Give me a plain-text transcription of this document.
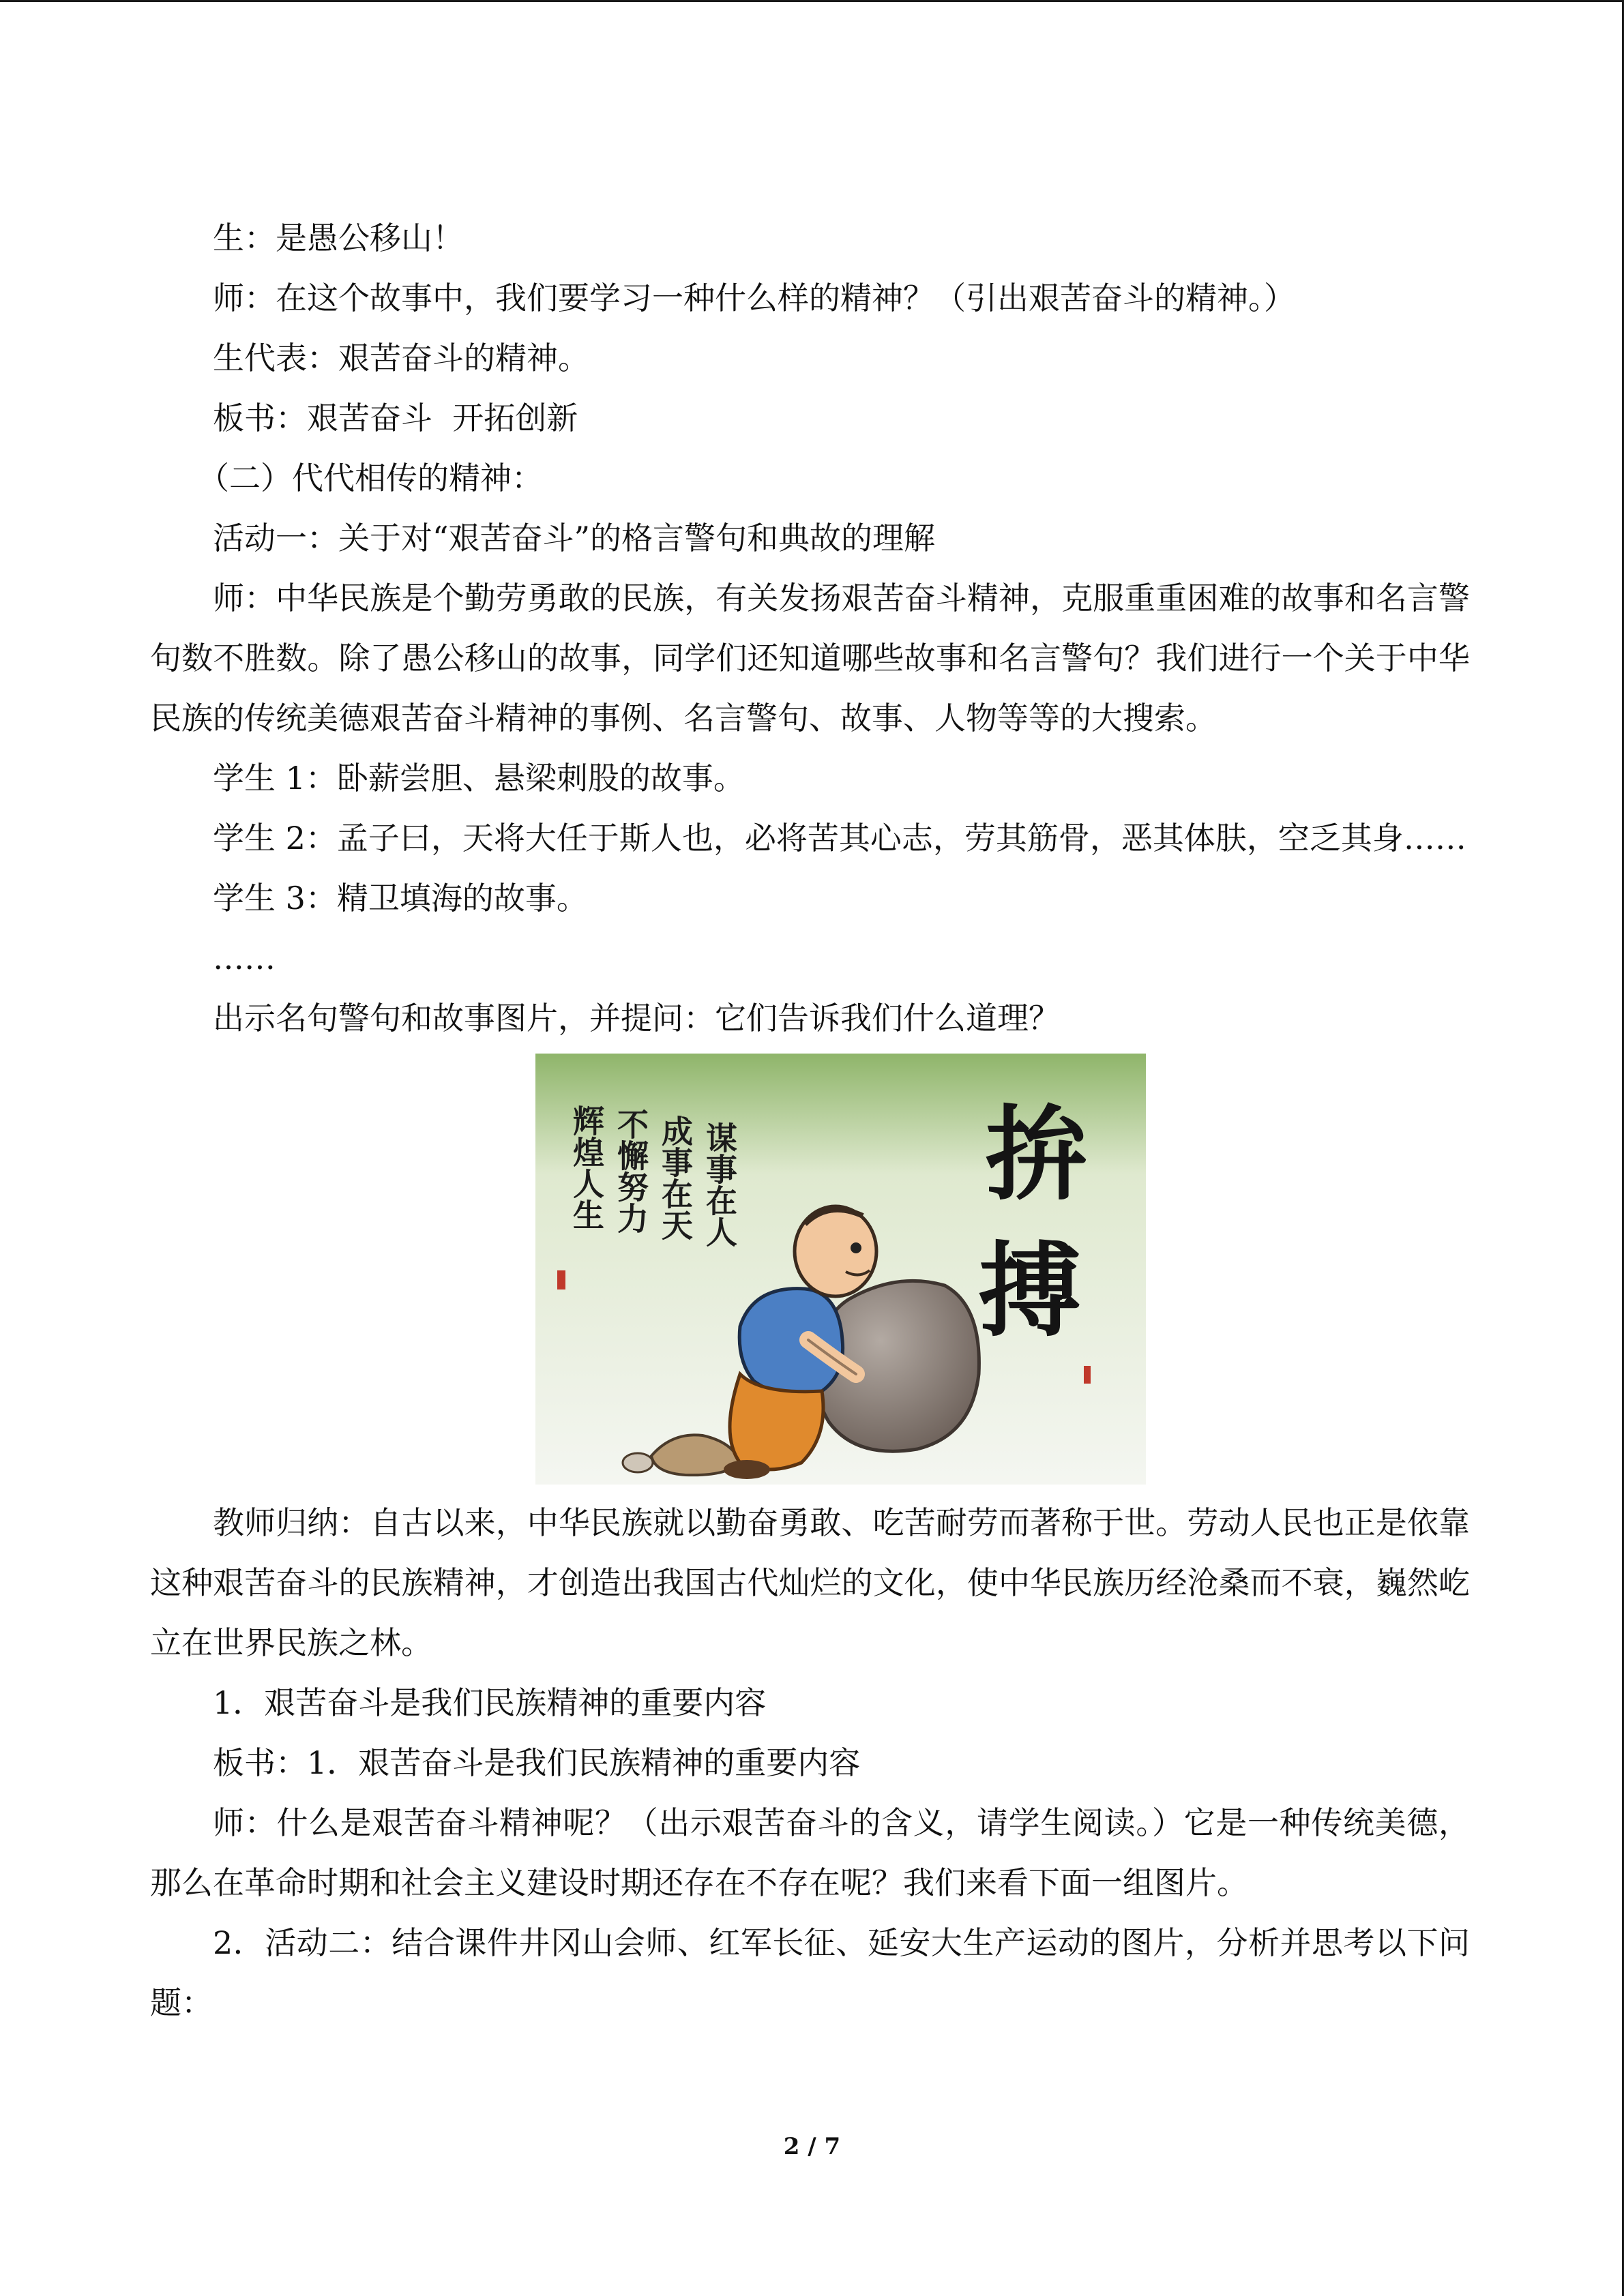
生：是愚公移山！

师：在这个故事中，我们要学习一种什么样的精神？（引出艰苦奋斗的精神。）

生代表：艰苦奋斗的精神。

板书：艰苦奋斗  开拓创新

（二）代代相传的精神：

活动一：关于对“艰苦奋斗”的格言警句和典故的理解

师：中华民族是个勤劳勇敢的民族，有关发扬艰苦奋斗精神，克服重重困难的故事和名言警句数不胜数。除了愚公移山的故事，同学们还知道哪些故事和名言警句？我们进行一个关于中华民族的传统美德艰苦奋斗精神的事例、名言警句、故事、人物等等的大搜索。

学生 1：卧薪尝胆、悬梁刺股的故事。

学生 2：孟子曰，天将大任于斯人也，必将苦其心志，劳其筋骨，恶其体肤，空乏其身……

学生 3：精卫填海的故事。

……

出示名句警句和故事图片，并提问：它们告诉我们什么道理？

谋事在人
成事在天
不懈努力
辉煌人生	拚
搏

教师归纳：自古以来，中华民族就以勤奋勇敢、吃苦耐劳而著称于世。劳动人民也正是依靠这种艰苦奋斗的民族精神，才创造出我国古代灿烂的文化，使中华民族历经沧桑而不衰，巍然屹立在世界民族之林。

1．艰苦奋斗是我们民族精神的重要内容

板书：1．艰苦奋斗是我们民族精神的重要内容

师：什么是艰苦奋斗精神呢？（出示艰苦奋斗的含义，请学生阅读。）它是一种传统美德，那么在革命时期和社会主义建设时期还存在不存在呢？我们来看下面一组图片。

2．活动二：结合课件井冈山会师、红军长征、延安大生产运动的图片，分析并思考以下问题：

2 / 7
